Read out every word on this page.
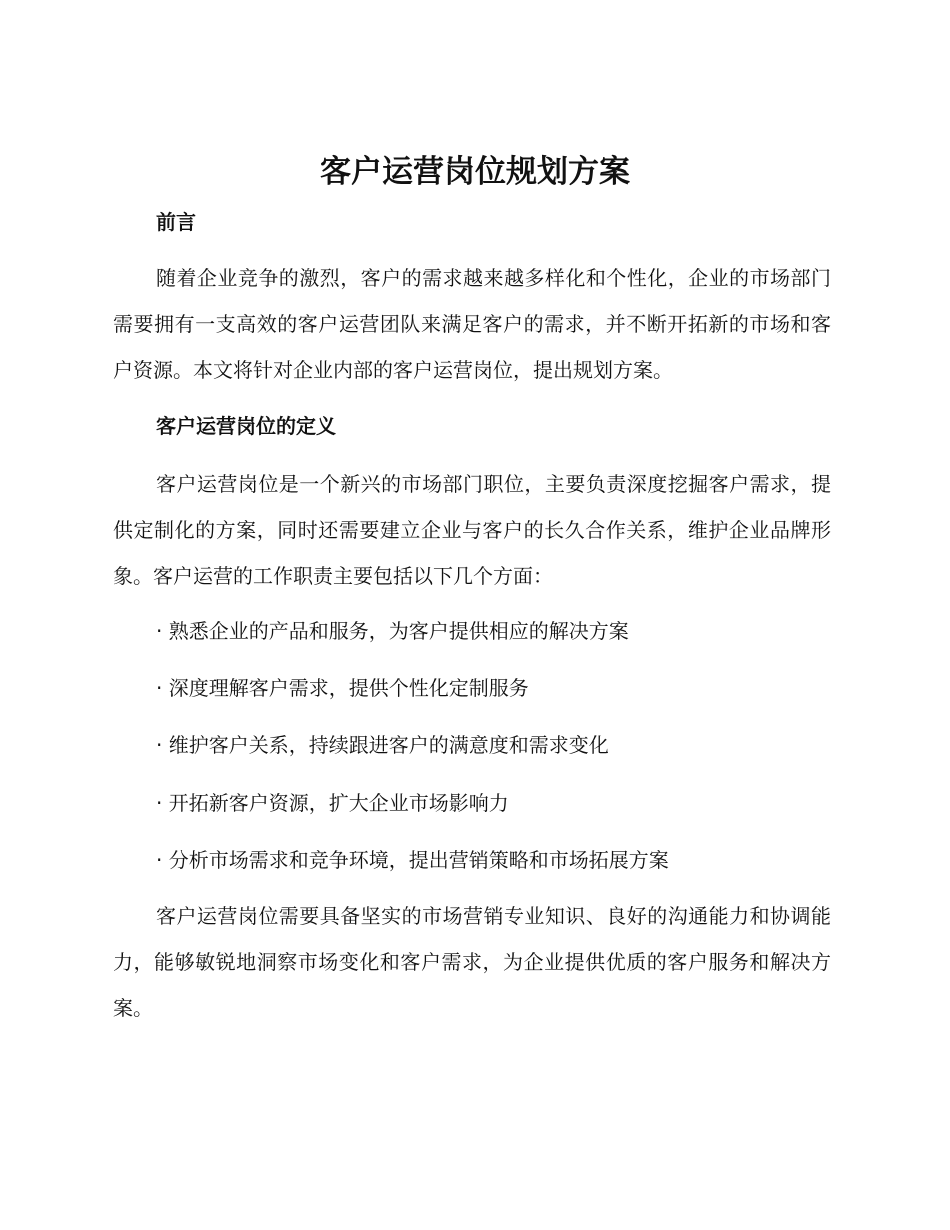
客户运营岗位规划方案
前言

随着企业竞争的激烈，客户的需求越来越多样化和个性化，企业的市场部门需要拥有一支高效的客户运营团队来满足客户的需求，并不断开拓新的市场和客户资源。本文将针对企业内部的客户运营岗位，提出规划方案。

客户运营岗位的定义

客户运营岗位是一个新兴的市场部门职位，主要负责深度挖掘客户需求，提供定制化的方案，同时还需要建立企业与客户的长久合作关系，维护企业品牌形象。客户运营的工作职责主要包括以下几个方面：

· 熟悉企业的产品和服务，为客户提供相应的解决方案

· 深度理解客户需求，提供个性化定制服务

· 维护客户关系，持续跟进客户的满意度和需求变化

· 开拓新客户资源，扩大企业市场影响力

· 分析市场需求和竞争环境，提出营销策略和市场拓展方案

客户运营岗位需要具备坚实的市场营销专业知识、良好的沟通能力和协调能力，能够敏锐地洞察市场变化和客户需求，为企业提供优质的客户服务和解决方案。
